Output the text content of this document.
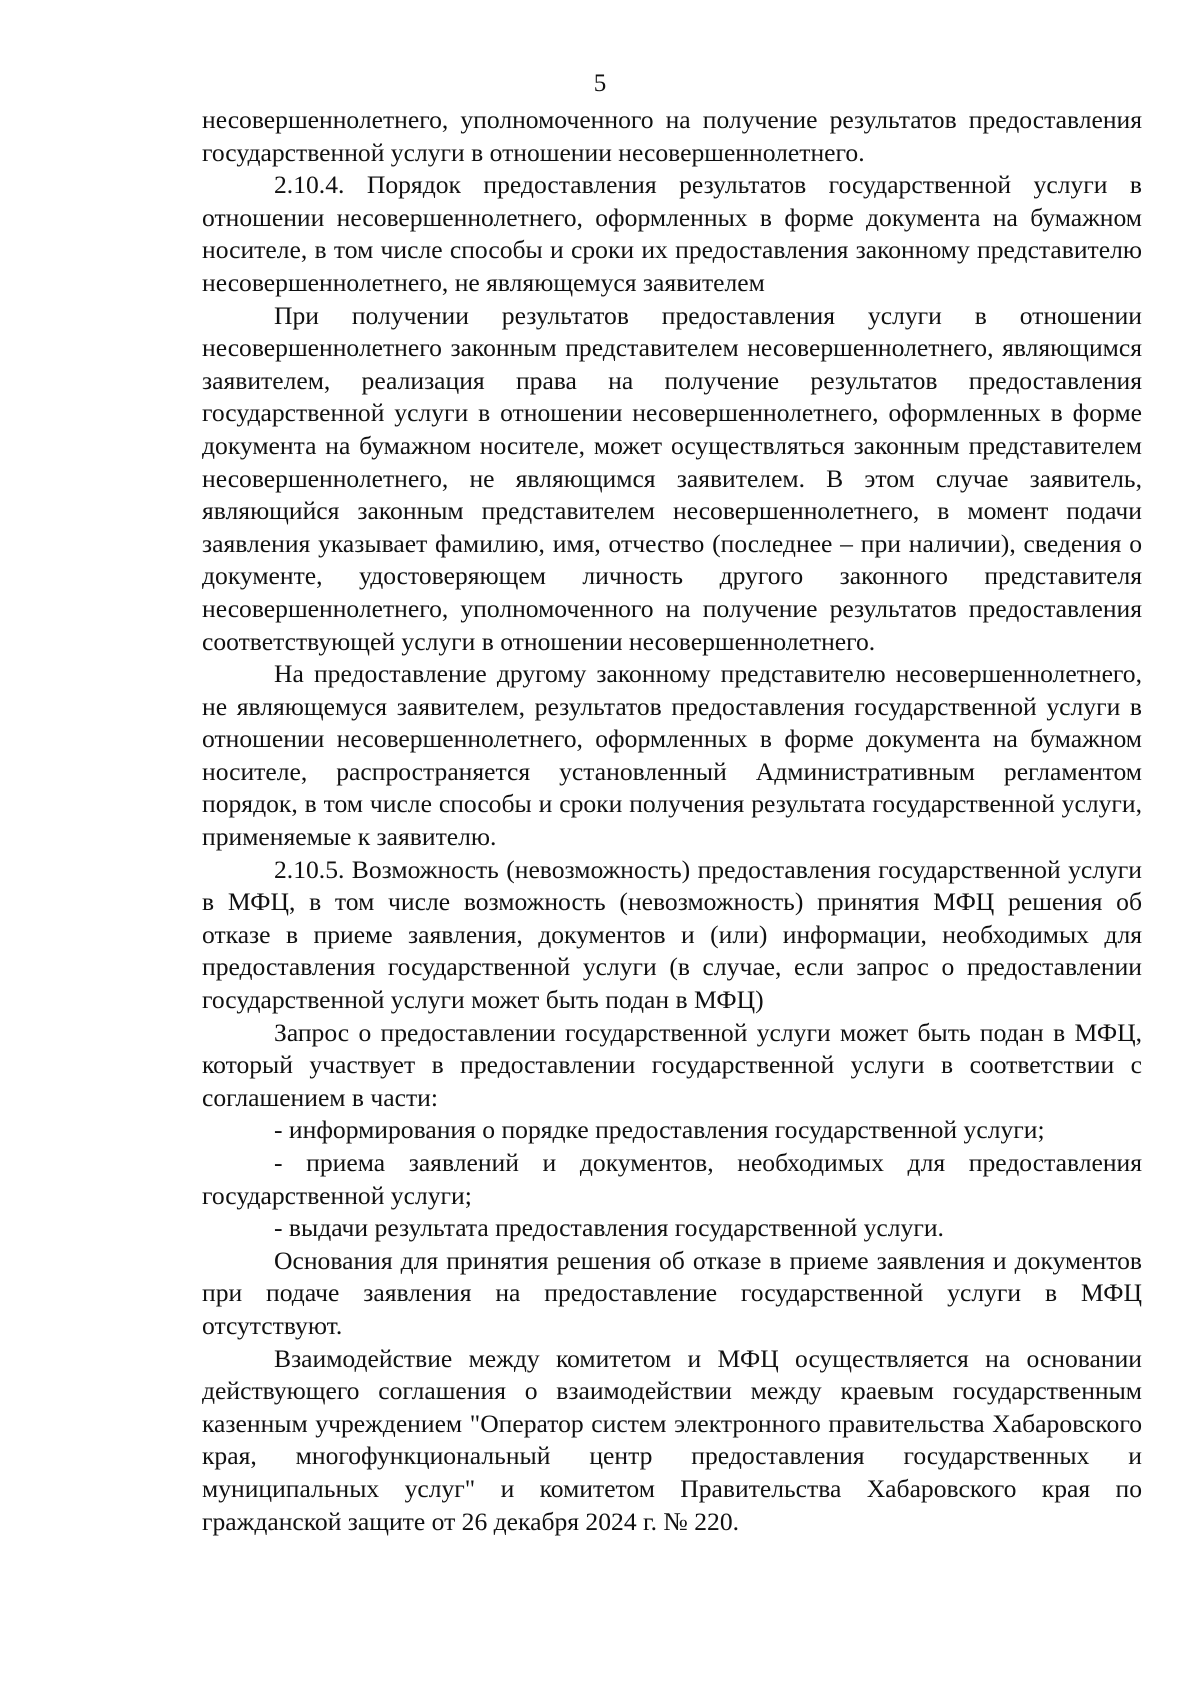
5

несовершеннолетнего, уполномоченного на получение результатов предоставления государственной услуги в отношении несовершеннолетнего.

2.10.4. Порядок предоставления результатов государственной услуги в отношении несовершеннолетнего, оформленных в форме документа на бумажном носителе, в том числе способы и сроки их предоставления законному представителю несовершеннолетнего, не являющемуся заявителем

При получении результатов предоставления услуги в отношении несовершеннолетнего законным представителем несовершеннолетнего, являющимся заявителем, реализация права на получение результатов предоставления государственной услуги в отношении несовершеннолетнего, оформленных в форме документа на бумажном носителе, может осуществляться законным представителем несовершеннолетнего, не являющимся заявителем. В этом случае заявитель, являющийся законным представителем несовершеннолетнего, в момент подачи заявления указывает фамилию, имя, отчество (последнее – при наличии), сведения о документе, удостоверяющем личность другого законного представителя несовершеннолетнего, уполномоченного на получение результатов предоставления соответствующей услуги в отношении несовершеннолетнего.

На предоставление другому законному представителю несовершеннолетнего, не являющемуся заявителем, результатов предоставления государственной услуги в отношении несовершеннолетнего, оформленных в форме документа на бумажном носителе, распространяется установленный Административным регламентом порядок, в том числе способы и сроки получения результата государственной услуги, применяемые к заявителю.

2.10.5. Возможность (невозможность) предоставления государственной услуги в МФЦ, в том числе возможность (невозможность) принятия МФЦ решения об отказе в приеме заявления, документов и (или) информации, необходимых для предоставления государственной услуги (в случае, если запрос о предоставлении государственной услуги может быть подан в МФЦ)

Запрос о предоставлении государственной услуги может быть подан в МФЦ, который участвует в предоставлении государственной услуги в соответствии с соглашением в части:

- информирования о порядке предоставления государственной услуги;

- приема заявлений и документов, необходимых для предоставления государственной услуги;

- выдачи результата предоставления государственной услуги.

Основания для принятия решения об отказе в приеме заявления и документов при подаче заявления на предоставление государственной услуги в МФЦ отсутствуют.

Взаимодействие между комитетом и МФЦ осуществляется на основании действующего соглашения о взаимодействии между краевым государственным казенным учреждением "Оператор систем электронного правительства Хабаровского края, многофункциональный центр предоставления государственных и муниципальных услуг" и комитетом Правительства Хабаровского края по гражданской защите от 26 декабря 2024 г. № 220.
